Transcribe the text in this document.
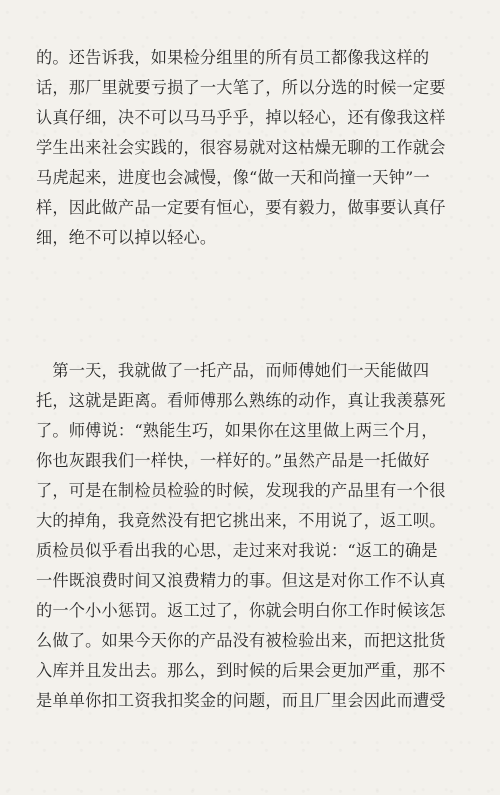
的。还告诉我，如果检分组里的所有员工都像我这样的
话，那厂里就要亏损了一大笔了，所以分选的时候一定要
认真仔细，决不可以马马乎乎，掉以轻心，还有像我这样
学生出来社会实践的，很容易就对这枯燥无聊的工作就会
马虎起来，进度也会减慢，像“做一天和尚撞一天钟”一
样，因此做产品一定要有恒心，要有毅力，做事要认真仔
细，绝不可以掉以轻心。
　第一天，我就做了一托产品，而师傅她们一天能做四
托，这就是距离。看师傅那么熟练的动作，真让我羡慕死
了。师傅说：“熟能生巧，如果你在这里做上两三个月，
你也灰跟我们一样快，一样好的。”虽然产品是一托做好
了，可是在制检员检验的时候，发现我的产品里有一个很
大的掉角，我竟然没有把它挑出来，不用说了，返工呗。
质检员似乎看出我的心思，走过来对我说：“返工的确是
一件既浪费时间又浪费精力的事。但这是对你工作不认真
的一个小小惩罚。返工过了，你就会明白你工作时候该怎
么做了。如果今天你的产品没有被检验出来，而把这批货
入库并且发出去。那么，到时候的后果会更加严重，那不
是单单你扣工资我扣奖金的问题，而且厂里会因此而遭受
